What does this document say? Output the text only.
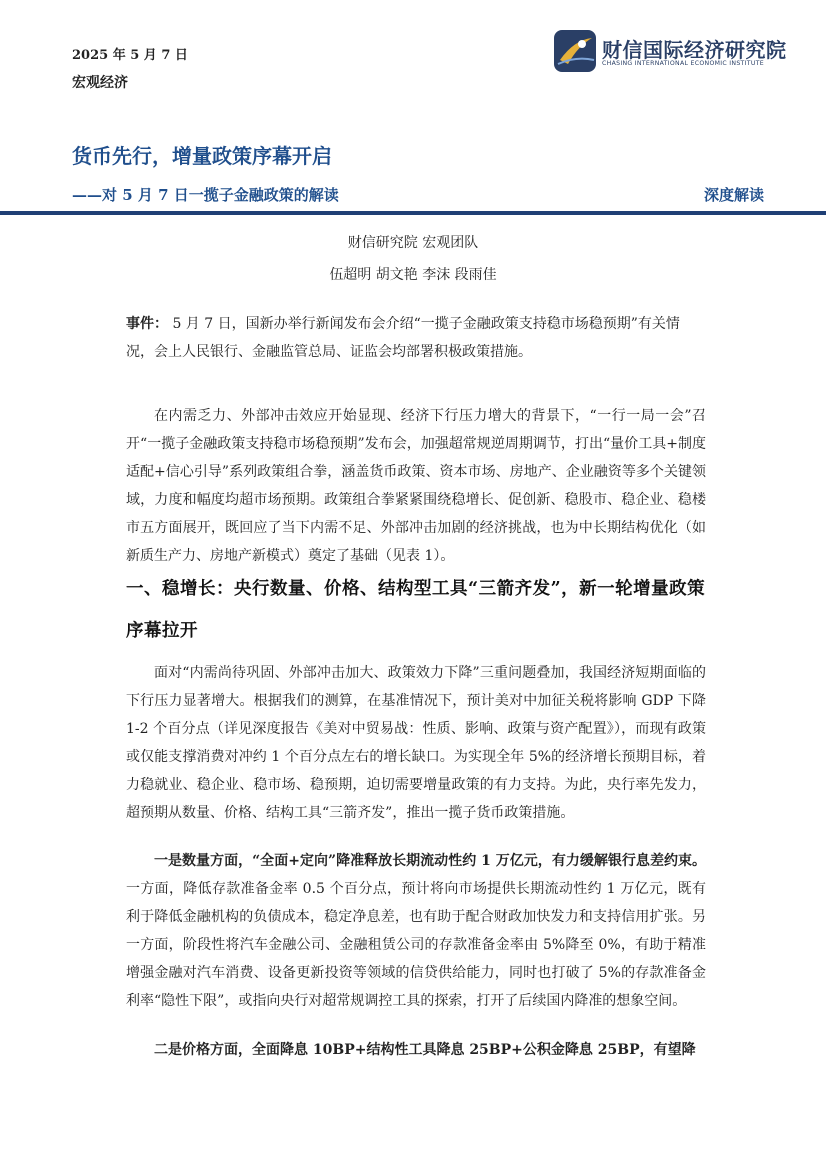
2025 年 5 月 7 日
宏观经济
财信国际经济研究院
CHASING INTERNATIONAL ECONOMIC INSTITUTE
货币先行，增量政策序幕开启
——对 5 月 7 日一揽子金融政策的解读	深度解读
财信研究院 宏观团队
伍超明 胡文艳 李沫 段雨佳
事件： 5 月 7 日，国新办举行新闻发布会介绍“一揽子金融政策支持稳市场稳预期”有关情况，会上人民银行、金融监管总局、证监会均部署积极政策措施。
在内需乏力、外部冲击效应开始显现、经济下行压力增大的背景下，“一行一局一会”召开“一揽子金融政策支持稳市场稳预期”发布会，加强超常规逆周期调节，打出“量价工具+制度适配+信心引导”系列政策组合拳，涵盖货币政策、资本市场、房地产、企业融资等多个关键领域，力度和幅度均超市场预期。政策组合拳紧紧围绕稳增长、促创新、稳股市、稳企业、稳楼市五方面展开，既回应了当下内需不足、外部冲击加剧的经济挑战，也为中长期结构优化（如新质生产力、房地产新模式）奠定了基础（见表 1）。
一、稳增长：央行数量、价格、结构型工具“三箭齐发”，新一轮增量政策序幕拉开
面对“内需尚待巩固、外部冲击加大、政策效力下降”三重问题叠加，我国经济短期面临的下行压力显著增大。根据我们的测算，在基准情况下，预计美对中加征关税将影响 GDP 下降 1-2 个百分点（详见深度报告《美对中贸易战：性质、影响、政策与资产配置》），而现有政策或仅能支撑消费对冲约 1 个百分点左右的增长缺口。为实现全年 5%的经济增长预期目标，着力稳就业、稳企业、稳市场、稳预期，迫切需要增量政策的有力支持。为此，央行率先发力，超预期从数量、价格、结构工具“三箭齐发”，推出一揽子货币政策措施。
一是数量方面，“全面+定向”降准释放长期流动性约 1 万亿元，有力缓解银行息差约束。一方面，降低存款准备金率 0.5 个百分点，预计将向市场提供长期流动性约 1 万亿元，既有利于降低金融机构的负债成本，稳定净息差，也有助于配合财政加快发力和支持信用扩张。另一方面，阶段性将汽车金融公司、金融租赁公司的存款准备金率由 5%降至 0%，有助于精准增强金融对汽车消费、设备更新投资等领域的信贷供给能力，同时也打破了 5%的存款准备金利率“隐性下限”，或指向央行对超常规调控工具的探索，打开了后续国内降准的想象空间。
二是价格方面，全面降息 10BP+结构性工具降息 25BP+公积金降息 25BP，有望降
